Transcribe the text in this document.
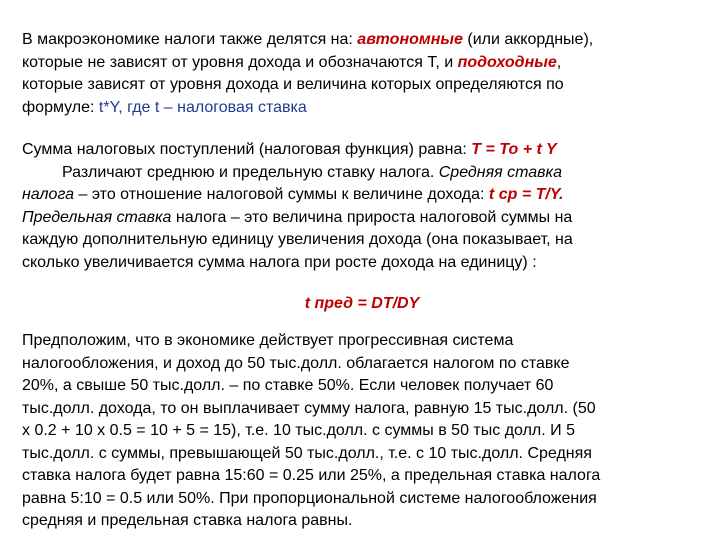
В макроэкономике налоги также делятся на: автономные (или аккордные),
которые не зависят от уровня дохода и обозначаются Т, и подоходные,
которые зависят от уровня дохода и величина которых определяются по
формуле: t*Y, где t – налоговая ставка
Сумма налоговых поступлений (налоговая функция) равна: T = To + t Y
Различают среднюю и предельную ставку налога. Средняя ставка
налога – это отношение налоговой суммы к величине дохода: t ср = T/Y.
Предельная ставка налога – это величина прироста налоговой суммы на
каждую дополнительную единицу увеличения дохода (она показывает, на
сколько увеличивается сумма налога при росте дохода на единицу) :
t пред = DT/DY
Предположим, что в экономике действует прогрессивная система
налогообложения, и доход до 50 тыс.долл. облагается налогом по ставке
20%, а свыше 50 тыс.долл. – по ставке 50%. Если человек получает 60
тыс.долл. дохода, то он выплачивает сумму налога, равную 15 тыс.долл. (50
х 0.2 + 10 х 0.5 = 10 + 5 = 15), т.е. 10 тыс.долл. с суммы в 50 тыс долл. И 5
тыс.долл. с суммы, превышающей 50 тыс.долл., т.е. с 10 тыс.долл. Средняя
ставка налога будет равна 15:60 = 0.25 или 25%, а предельная ставка налога
равна 5:10 = 0.5 или 50%. При пропорциональной системе налогообложения
средняя и предельная ставка налога равны.
